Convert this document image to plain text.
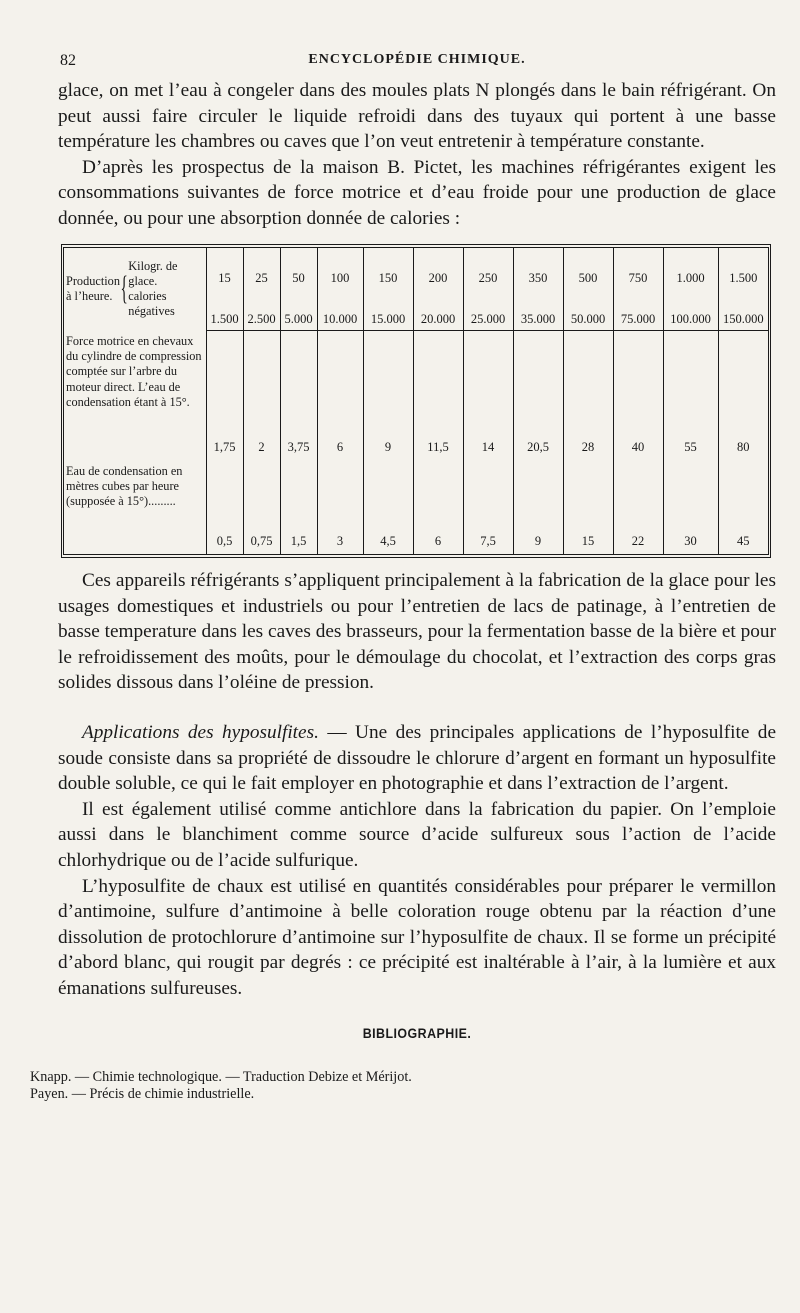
82	ENCYCLOPÉDIE CHIMIQUE.

glace, on met l’eau à congeler dans des moules plats N plongés dans le bain réfrigérant. On peut aussi faire circuler le liquide refroidi dans des tuyaux qui portent à une basse température les chambres ou caves que l’on veut entretenir à température constante.

D’après les prospectus de la maison B. Pictet, les machines réfrigérantes exigent les consommations suivantes de force motrice et d’eau froide pour une production de glace donnée, ou pour une absorption donnée de calories :

Production à l’heure. {
Kilogr. de glace.
calories négatives	15	25	50	100	150	200	250	350	500	750	1.000	1.500
	1.500	2.500	5.000	10.000	15.000	20.000	25.000	35.000	50.000	75.000	100.000	150.000
Force motrice en chevaux du cylindre de compression comptée sur l’arbre du moteur direct. L’eau de condensation étant à 15°.	1,75	2	3,75	6	9	11,5	14	20,5	28	40	55	80
Eau de condensation en mètres cubes par heure (supposée à 15°).........	0,5	0,75	1,5	3	4,5	6	7,5	9	15	22	30	45

Ces appareils réfrigérants s’appliquent principalement à la fabrication de la glace pour les usages domestiques et industriels ou pour l’entretien de lacs de patinage, à l’entretien de basse temperature dans les caves des brasseurs, pour la fermentation basse de la bière et pour le refroidissement des moûts, pour le démoulage du chocolat, et l’extraction des corps gras solides dissous dans l’oléine de pression.

Applications des hyposulfites. — Une des principales applications de l’hyposulfite de soude consiste dans sa propriété de dissoudre le chlorure d’argent en formant un hyposulfite double soluble, ce qui le fait employer en photographie et dans l’extraction de l’argent.

Il est également utilisé comme antichlore dans la fabrication du papier. On l’emploie aussi dans le blanchiment comme source d’acide sulfureux sous l’action de l’acide chlorhydrique ou de l’acide sulfurique.

L’hyposulfite de chaux est utilisé en quantités considérables pour préparer le vermillon d’antimoine, sulfure d’antimoine à belle coloration rouge obtenu par la réaction d’une dissolution de protochlorure d’antimoine sur l’hyposulfite de chaux. Il se forme un précipité d’abord blanc, qui rougit par degrés : ce précipité est inaltérable à l’air, à la lumière et aux émanations sulfureuses.

BIBLIOGRAPHIE.
Knapp. — Chimie technologique. — Traduction Debize et Mérijot.
Payen. — Précis de chimie industrielle.
